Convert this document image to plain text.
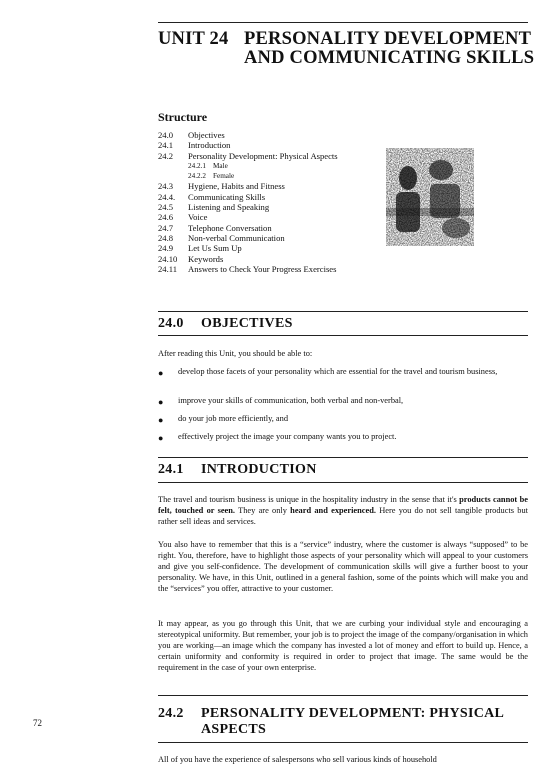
UNIT 24 PERSONALITY DEVELOPMENT AND COMMUNICATING SKILLS
Structure
24.0	Objectives
24.1	Introduction
24.2	Personality Development: Physical Aspects
24.2.1 Male
24.2.2 Female
24.3	Hygiene, Habits and Fitness
24.4.	Communicating Skills
24.5	Listening and Speaking
24.6	Voice
24.7	Telephone Conversation
24.8	Non-verbal Communication
24.9	Let Us Sum Up
24.10	Keywords
24.11	Answers to Check Your Progress Exercises
24.0 OBJECTIVES
After reading this Unit, you should be able to:
● develop those facets of your personality which are essential for the travel and tourism business,
● improve your skills of communication, both verbal and non-verbal,
● do your job more efficiently, and
● effectively project the image your company wants you to project.
24.1 INTRODUCTION
The travel and tourism business is unique in the hospitality industry in the sense that it's products cannot be felt, touched or seen. They are only heard and experienced. Here you do not sell tangible products but rather sell ideas and services.
You also have to remember that this is a “service” industry, where the customer is always “supposed” to be right. You, therefore, have to highlight those aspects of your personality which will appeal to your customers and give you self-confidence. The development of communication skills will give a further boost to your personality. We have, in this Unit, outlined in a general fashion, some of the points which will make you and the “services” you offer, attractive to your customer.
It may appear, as you go through this Unit, that we are curbing your individual style and encouraging a stereotypical uniformity. But remember, your job is to project the image of the company/organisation in which you are working—an image which the company has invested a lot of money and effort to build up. Hence, a certain uniformity and conformity is required in order to project that image. The same would be the requirement in the case of your own enterprise.
24.2 PERSONALITY DEVELOPMENT: PHYSICAL
ASPECTS
All of you have the experience of salespersons who sell various kinds of household
72
